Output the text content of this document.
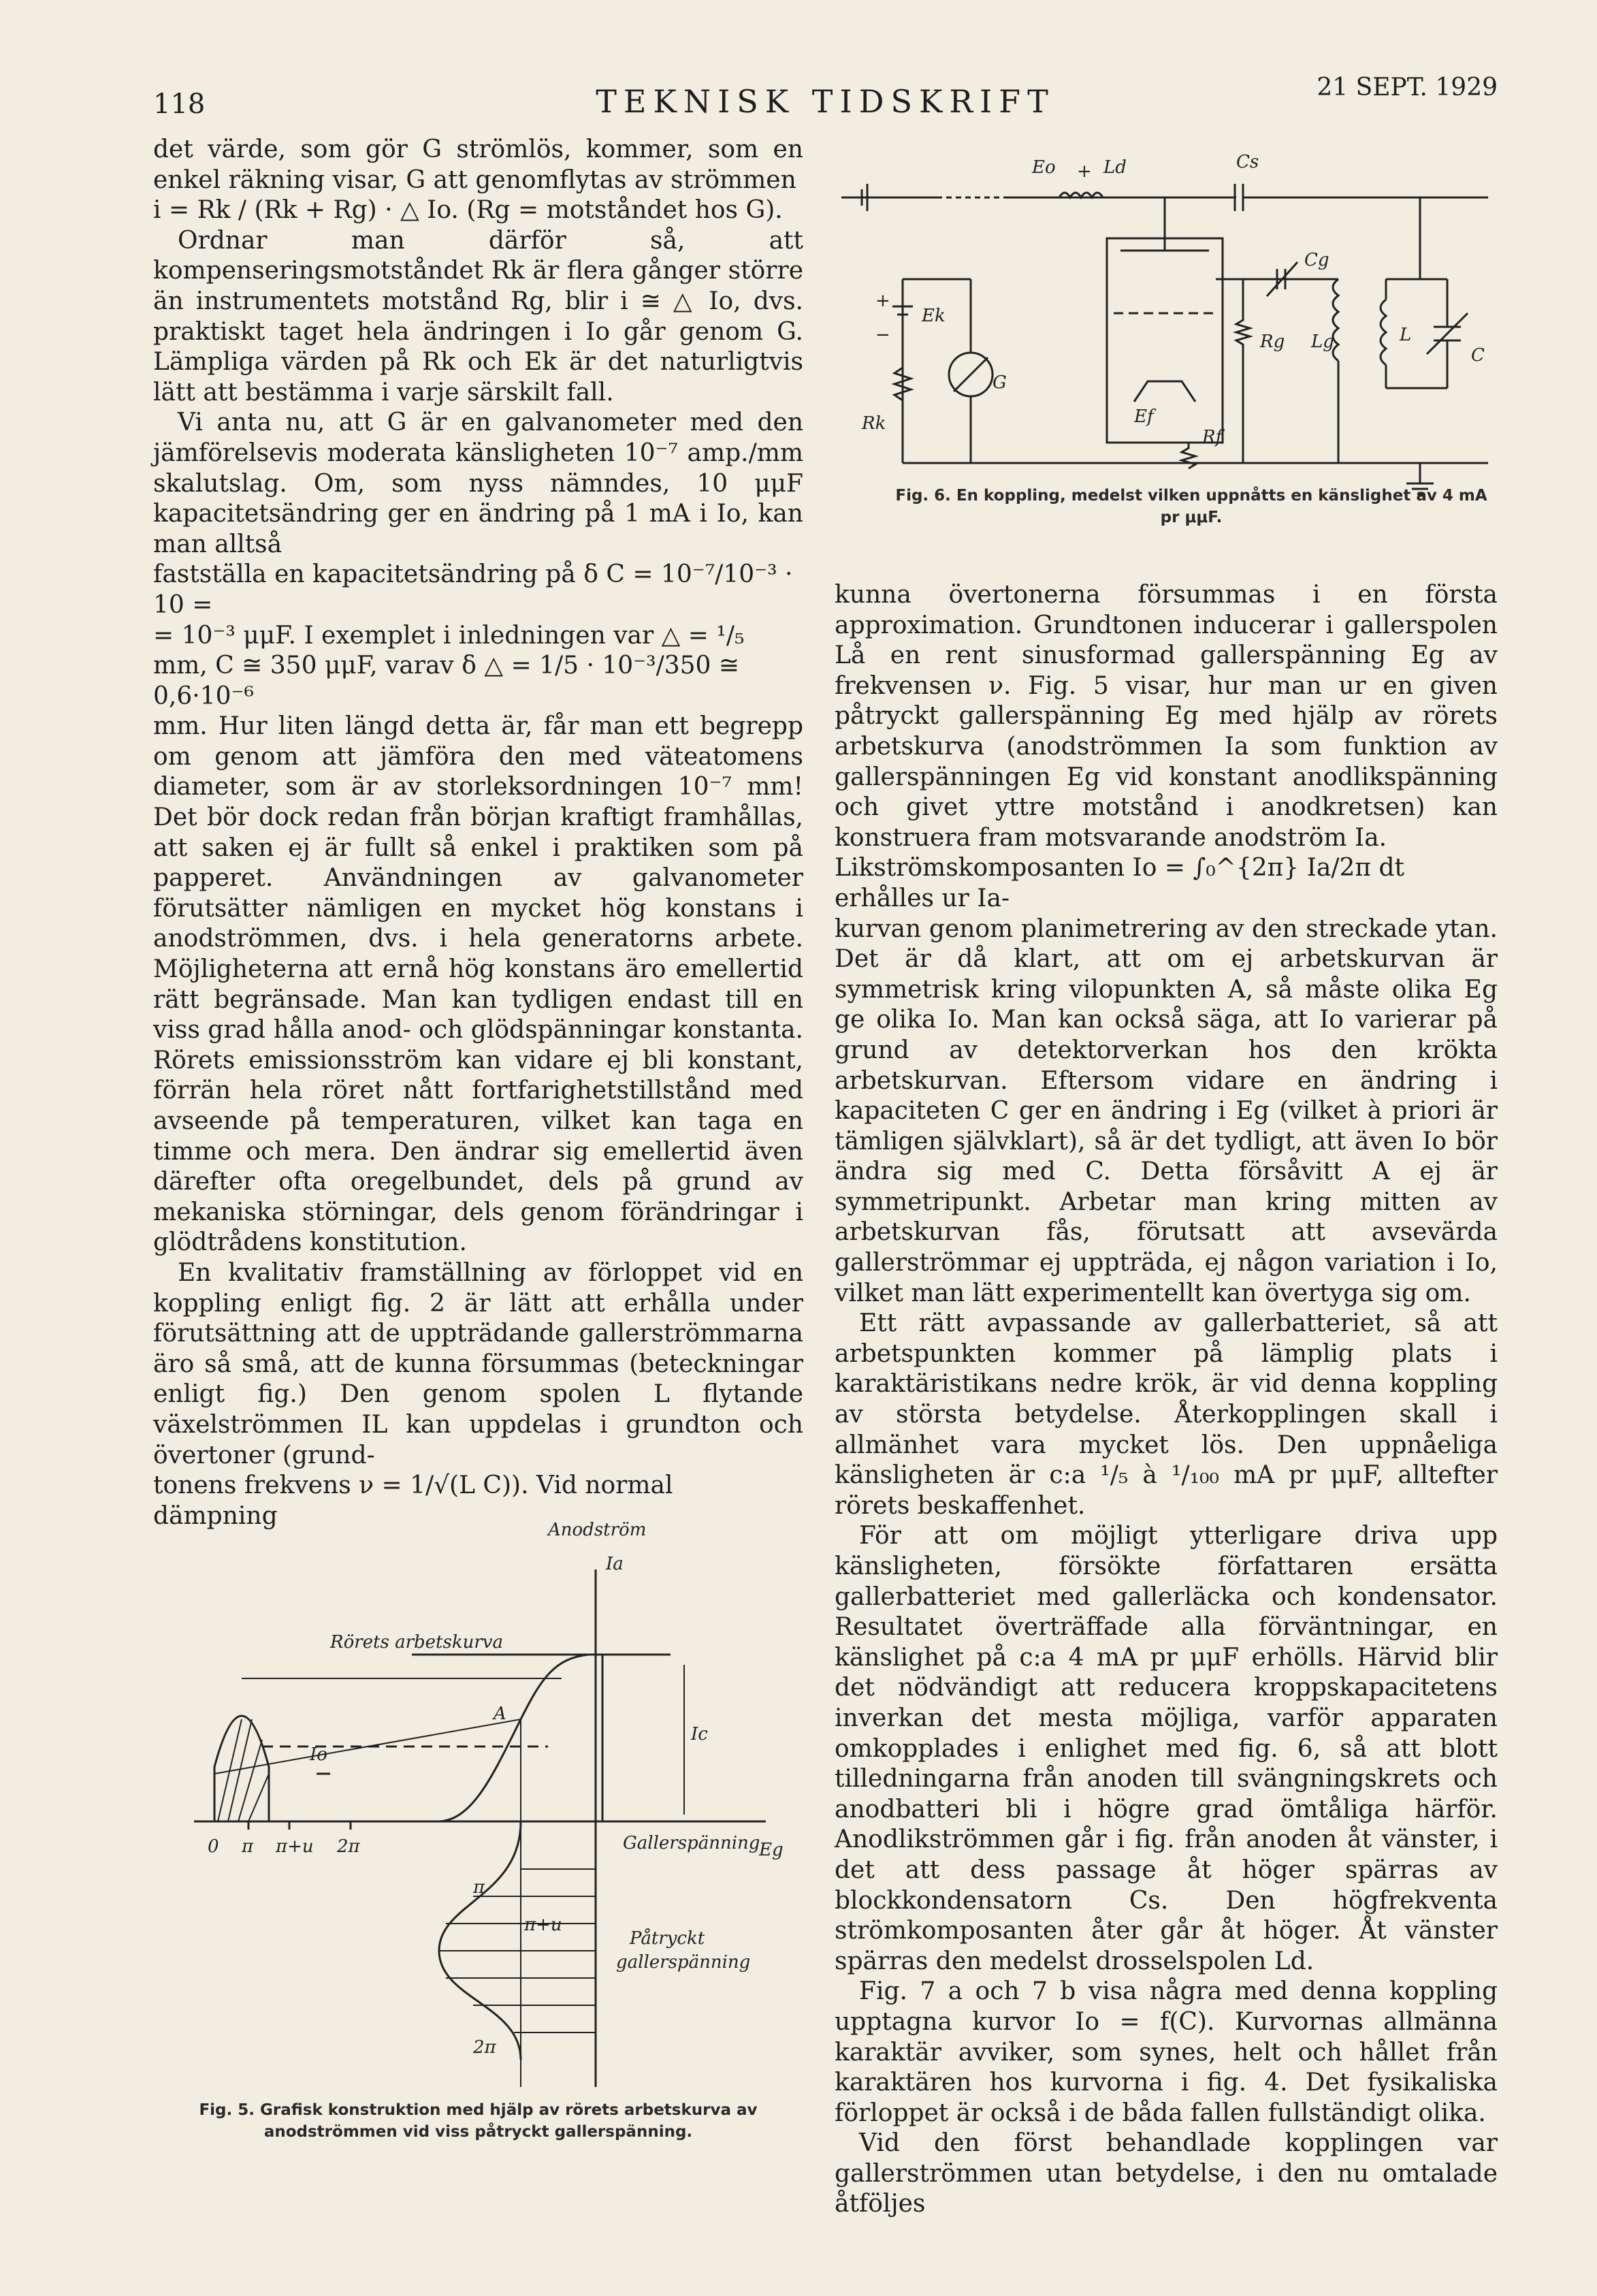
118	TEKNISK TIDSKRIFT	21 SEPT. 1929

det värde, som gör G strömlös, kommer, som en enkel räkning visar, G att genomflytas av strömmen

i = Rk / (Rk + Rg) · △ Io. (Rg = motståndet hos G).

Ordnar man därför så, att kompenseringsmotståndet Rk är flera gånger större än instrumentets motstånd Rg, blir i ≅ △ Io, dvs. praktiskt taget hela ändringen i Io går genom G. Lämpliga värden på Rk och Ek är det naturligtvis lätt att bestämma i varje särskilt fall.

Vi anta nu, att G är en galvanometer med den jämförelsevis moderata känsligheten 10⁻⁷ amp./mm skalutslag. Om, som nyss nämndes, 10 μμF kapacitetsändring ger en ändring på 1 mA i Io, kan man alltså

fastställa en kapacitetsändring på δ C = 10⁻⁷/10⁻³ · 10 =

= 10⁻³ μμF. I exemplet i inledningen var △ = ¹/₅

mm, C ≅ 350 μμF, varav δ △ = 1/5 · 10⁻³/350 ≅ 0,6·10⁻⁶

mm. Hur liten längd detta är, får man ett begrepp om genom att jämföra den med väteatomens diameter, som är av storleksordningen 10⁻⁷ mm! Det bör dock redan från början kraftigt framhållas, att saken ej är fullt så enkel i praktiken som på papperet. Användningen av galvanometer förutsätter nämligen en mycket hög konstans i anodströmmen, dvs. i hela generatorns arbete. Möjligheterna att ernå hög konstans äro emellertid rätt begränsade. Man kan tydligen endast till en viss grad hålla anod- och glödspänningar konstanta. Rörets emissionsström kan vidare ej bli konstant, förrän hela röret nått fortfarighetstillstånd med avseende på temperaturen, vilket kan taga en timme och mera. Den ändrar sig emellertid även därefter ofta oregelbundet, dels på grund av mekaniska störningar, dels genom förändringar i glödtrådens konstitution.

En kvalitativ framställning av förloppet vid en koppling enligt fig. 2 är lätt att erhålla under förutsättning att de uppträdande gallerströmmarna äro så små, att de kunna försummas (beteckningar enligt fig.) Den genom spolen L flytande växelströmmen IL kan uppdelas i grundton och övertoner (grund-

tonens frekvens ν = 1/√(L C)). Vid normal dämpning

Eo + Ld	Cs
Ek
G
Rk	Ef
Rf
Cg
Rg Lg	L
C
+
−
Fig. 6. En koppling, medelst vilken uppnåtts en känslighet av 4 mA pr μμF.

kunna övertonerna försummas i en första approximation. Grundtonen inducerar i gallerspolen Lå en rent sinusformad gallerspänning Eg av frekvensen ν. Fig. 5 visar, hur man ur en given påtryckt gallerspänning Eg med hjälp av rörets arbetskurva (anodströmmen Ia som funktion av gallerspänningen Eg vid konstant anodlikspänning och givet yttre motstånd i anodkretsen) kan konstruera fram motsvarande anodström Ia.

Likströmskomposanten Io = ∫₀^{2π} Ia/2π dt erhålles ur Ia-

kurvan genom planimetrering av den streckade ytan. Det är då klart, att om ej arbetskurvan är symmetrisk kring vilopunkten A, så måste olika Eg ge olika Io. Man kan också säga, att Io varierar på grund av detektorverkan hos den krökta arbetskurvan. Eftersom vidare en ändring i kapaciteten C ger en ändring i Eg (vilket à priori är tämligen självklart), så är det tydligt, att även Io bör ändra sig med C. Detta försåvitt A ej är symmetripunkt. Arbetar man kring mitten av arbetskurvan fås, förutsatt att avsevärda gallerströmmar ej uppträda, ej någon variation i Io, vilket man lätt experimentellt kan övertyga sig om.

Ett rätt avpassande av gallerbatteriet, så att arbetspunkten kommer på lämplig plats i karaktäristikans nedre krök, är vid denna koppling av största betydelse. Återkopplingen skall i allmänhet vara mycket lös. Den uppnåeliga känsligheten är c:a ¹/₅ à ¹/₁₀₀ mA pr μμF, alltefter rörets beskaffenhet.

För att om möjligt ytterligare driva upp känsligheten, försökte författaren ersätta gallerbatteriet med gallerläcka och kondensator. Resultatet överträffade alla förväntningar, en känslighet på c:a 4 mA pr μμF erhölls. Härvid blir det nödvändigt att reducera kroppskapacitetens inverkan det mesta möjliga, varför apparaten omkopplades i enlighet med fig. 6, så att blott tilledningarna från anoden till svängningskrets och anodbatteri bli i högre grad ömtåliga härför. Anodlikströmmen går i fig. från anoden åt vänster, i det att dess passage åt höger spärras av blockkondensatorn Cs. Den högfrekventa strömkomposanten åter går åt höger. Åt vänster spärras den medelst drosselspolen Ld.

Fig. 7 a och 7 b visa några med denna koppling upptagna kurvor Io = f(C). Kurvornas allmänna karaktär avviker, som synes, helt och hållet från karaktären hos kurvorna i fig. 4. Det fysikaliska förloppet är också i de båda fallen fullständigt olika.

Vid den först behandlade kopplingen var gallerströmmen utan betydelse, i den nu omtalade åtföljes

Anodström
Ia
Rörets arbetskurva
Ic
Io
A
0 π π+u 2π	Gallerspänning
Eg
Påtryckt
gallerspänning
π
π+u
2π
Fig. 5. Grafisk konstruktion med hjälp av rörets arbetskurva av anodströmmen vid viss påtryckt gallerspänning.
